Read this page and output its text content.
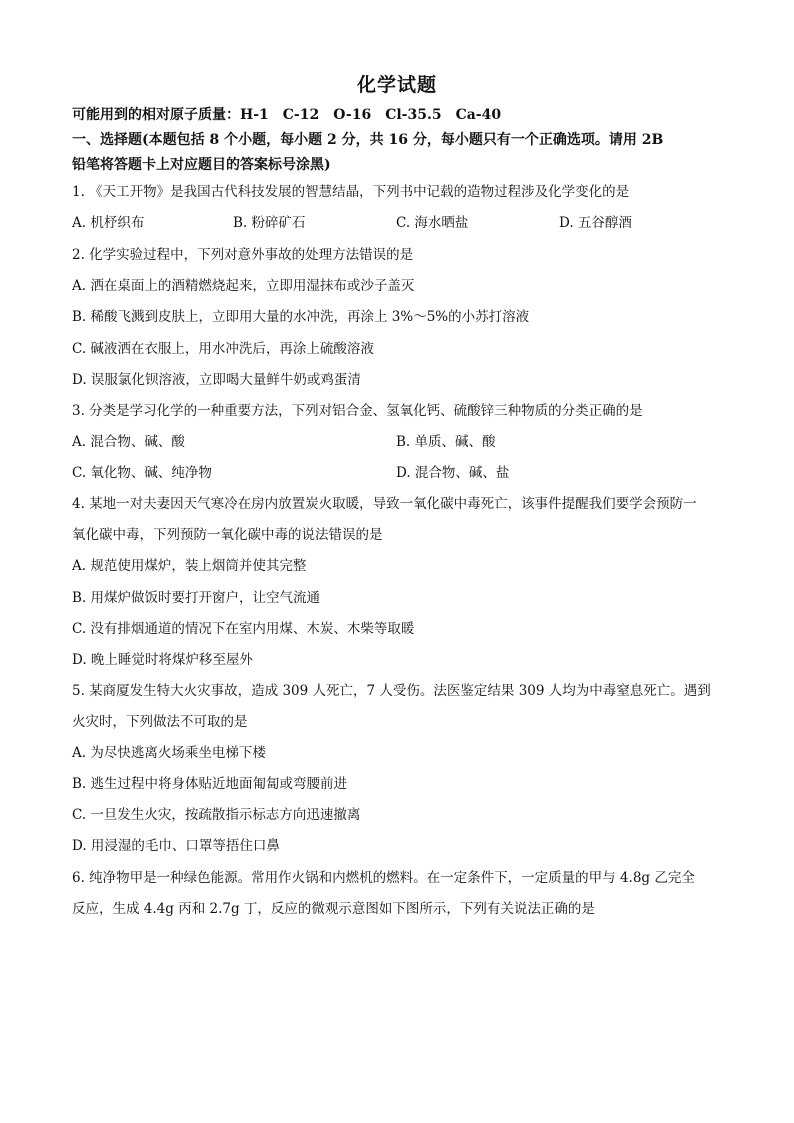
化学试题
可能用到的相对原子质量：H-1　C-12　O-16　Cl-35.5　Ca-40
一、选择题(本题包括 8 个小题，每小题 2 分，共 16 分，每小题只有一个正确选项。请用 2B
铅笔将答题卡上对应题目的答案标号涂黑)
1. 《天工开物》是我国古代科技发展的智慧结晶，下列书中记载的造物过程涉及化学变化的是
A. 机杼织布	B. 粉碎矿石	C. 海水晒盐	D. 五谷醇酒
2. 化学实验过程中，下列对意外事故的处理方法错误的是
A. 洒在桌面上的酒精燃烧起来，立即用湿抹布或沙子盖灭
B. 稀酸飞溅到皮肤上，立即用大量的水冲洗，再涂上 3%～5%的小苏打溶液
C. 碱液洒在衣服上，用水冲洗后，再涂上硫酸溶液
D. 误服氯化钡溶液，立即喝大量鲜牛奶或鸡蛋清
3. 分类是学习化学的一种重要方法，下列对铝合金、氢氧化钙、硫酸锌三种物质的分类正确的是
A. 混合物、碱、酸	B. 单质、碱、酸
C. 氧化物、碱、纯净物	D. 混合物、碱、盐
4. 某地一对夫妻因天气寒冷在房内放置炭火取暖，导致一氧化碳中毒死亡，该事件提醒我们要学会预防一
氧化碳中毒，下列预防一氧化碳中毒的说法错误的是
A. 规范使用煤炉，装上烟筒并使其完整
B. 用煤炉做饭时要打开窗户，让空气流通
C. 没有排烟通道的情况下在室内用煤、木炭、木柴等取暖
D. 晚上睡觉时将煤炉移至屋外
5. 某商厦发生特大火灾事故，造成 309 人死亡，7 人受伤。法医鉴定结果 309 人均为中毒窒息死亡。遇到
火灾时，下列做法不可取的是
A. 为尽快逃离火场乘坐电梯下楼
B. 逃生过程中将身体贴近地面匍匐或弯腰前进
C. 一旦发生火灾，按疏散指示标志方向迅速撤离
D. 用浸湿的毛巾、口罩等捂住口鼻
6. 纯净物甲是一种绿色能源。常用作火锅和内燃机的燃料。在一定条件下，一定质量的甲与 4.8g 乙完全
反应，生成 4.4g 丙和 2.7g 丁，反应的微观示意图如下图所示，下列有关说法正确的是
